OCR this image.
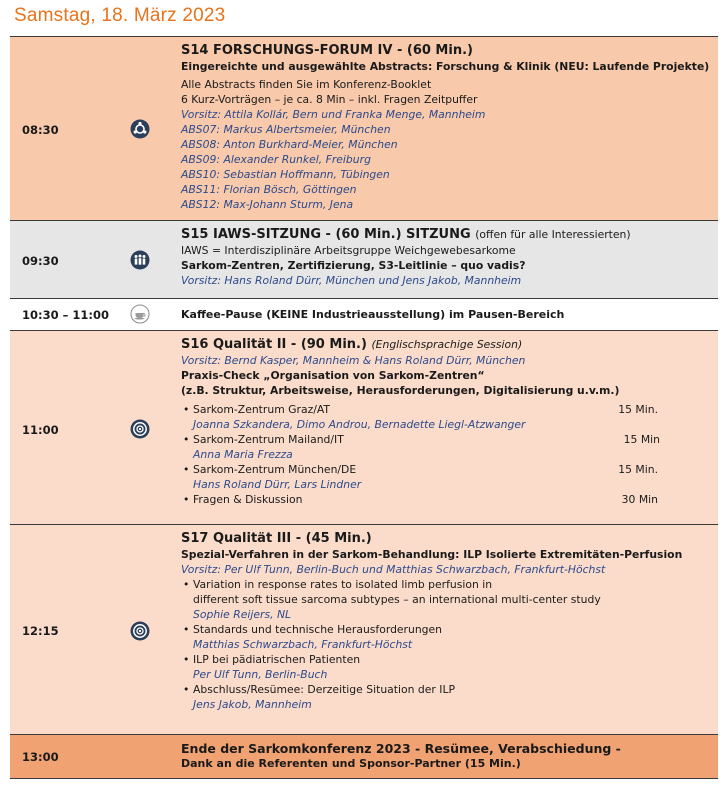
Samstag, 18. März 2023
08:30
S14 FORSCHUNGS-FORUM IV - (60 Min.)
Eingereichte und ausgewählte Abstracts: Forschung & Klinik (NEU: Laufende Projekte)
Alle Abstracts finden Sie im Konferenz-Booklet
6 Kurz-Vorträgen – je ca. 8 Min – inkl. Fragen Zeitpuffer
Vorsitz: Attila Kollár, Bern und Franka Menge, Mannheim
ABS07: Markus Albertsmeier, München
ABS08: Anton Burkhard-Meier, München
ABS09: Alexander Runkel, Freiburg
ABS10: Sebastian Hoffmann, Tübingen
ABS11: Florian Bösch, Göttingen
ABS12: Max-Johann Sturm, Jena
09:30
S15 IAWS-SITZUNG - (60 Min.) SITZUNG (offen für alle Interessierten)
IAWS = Interdisziplinäre Arbeitsgruppe Weichgewebesarkome
Sarkom-Zentren, Zertifizierung, S3-Leitlinie – quo vadis?
Vorsitz: Hans Roland Dürr, München und Jens Jakob, Mannheim
10:30 – 11:00	Kaffee-Pause (KEINE Industrieausstellung) im Pausen-Bereich
11:00
S16 Qualität II - (90 Min.) (Englischsprachige Session)
Vorsitz: Bernd Kasper, Mannheim & Hans Roland Dürr, München
Praxis-Check „Organisation von Sarkom-Zentren“
(z.B. Struktur, Arbeitsweise, Herausforderungen, Digitalisierung u.v.m.)
• Sarkom-Zentrum Graz/AT	15 Min.
Joanna Szkandera, Dimo Androu, Bernadette Liegl-Atzwanger
• Sarkom-Zentrum Mailand/IT	15 Min
Anna Maria Frezza
• Sarkom-Zentrum München/DE	15 Min.
Hans Roland Dürr, Lars Lindner
• Fragen & Diskussion	30 Min
12:15
S17 Qualität III - (45 Min.)
Spezial-Verfahren in der Sarkom-Behandlung: ILP Isolierte Extremitäten-Perfusion
Vorsitz: Per Ulf Tunn, Berlin-Buch und Matthias Schwarzbach, Frankfurt-Höchst
• Variation in response rates to isolated limb perfusion in
different soft tissue sarcoma subtypes – an international multi-center study
Sophie Reijers, NL
• Standards und technische Herausforderungen
Matthias Schwarzbach, Frankfurt-Höchst
• ILP bei pädiatrischen Patienten
Per Ulf Tunn, Berlin-Buch
• Abschluss/Resümee: Derzeitige Situation der ILP
Jens Jakob, Mannheim
13:00
Ende der Sarkomkonferenz 2023 - Resümee, Verabschiedung -
Dank an die Referenten und Sponsor-Partner (15 Min.)
